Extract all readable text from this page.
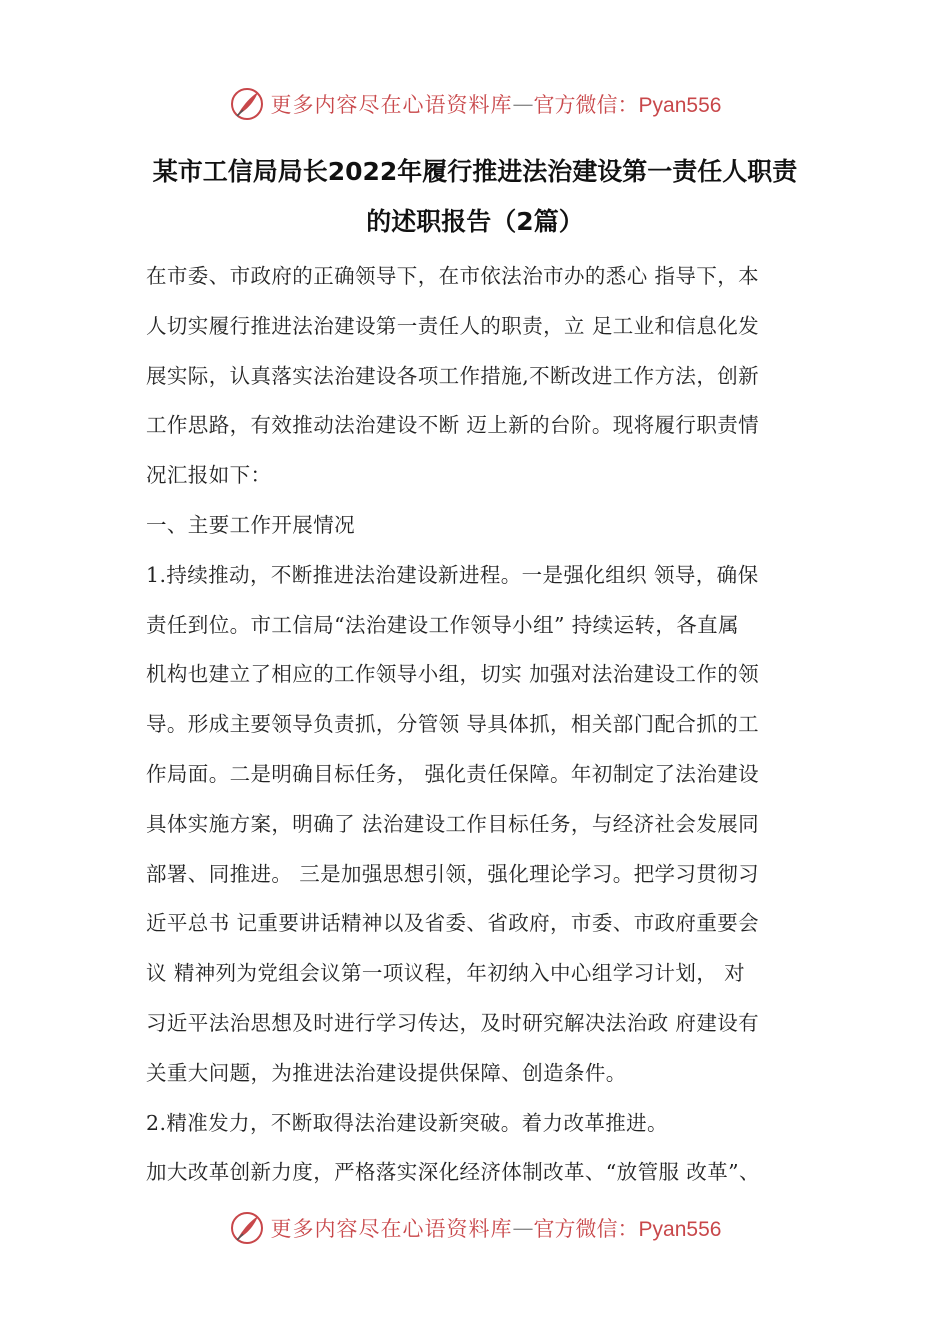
更多内容尽在心语资料库 — 官方微信：Pyan556
某市工信局局长2022年履行推进法治建设第一责任人职责
的述职报告（2篇）

在市委、市政府的正确领导下，在市依法治市办的悉心 指导下，本

人切实履行推进法治建设第一责任人的职责，立 足工业和信息化发

展实际，认真落实法治建设各项工作措施,不断改进工作方法，创新

工作思路，有效推动法治建设不断 迈上新的台阶。现将履行职责情

况汇报如下：

一、主要工作开展情况

1.持续推动，不断推进法治建设新进程。一是强化组织 领导，确保

责任到位。市工信局“法治建设工作领导小组” 持续运转，各直属

机构也建立了相应的工作领导小组，切实 加强对法治建设工作的领

导。形成主要领导负责抓，分管领 导具体抓，相关部门配合抓的工

作局面。二是明确目标任务， 强化责任保障。年初制定了法治建设

具体实施方案，明确了 法治建设工作目标任务，与经济社会发展同

部署、同推进。 三是加强思想引领，强化理论学习。把学习贯彻习

近平总书 记重要讲话精神以及省委、省政府，市委、市政府重要会

议 精神列为党组会议第一项议程，年初纳入中心组学习计划， 对

习近平法治思想及时进行学习传达，及时研究解决法治政 府建设有

关重大问题，为推进法治建设提供保障、创造条件。

2.精准发力，不断取得法治建设新突破。着力改革推进。

加大改革创新力度，严格落实深化经济体制改革、“放管服 改革”、

更多内容尽在心语资料库 — 官方微信：Pyan556
